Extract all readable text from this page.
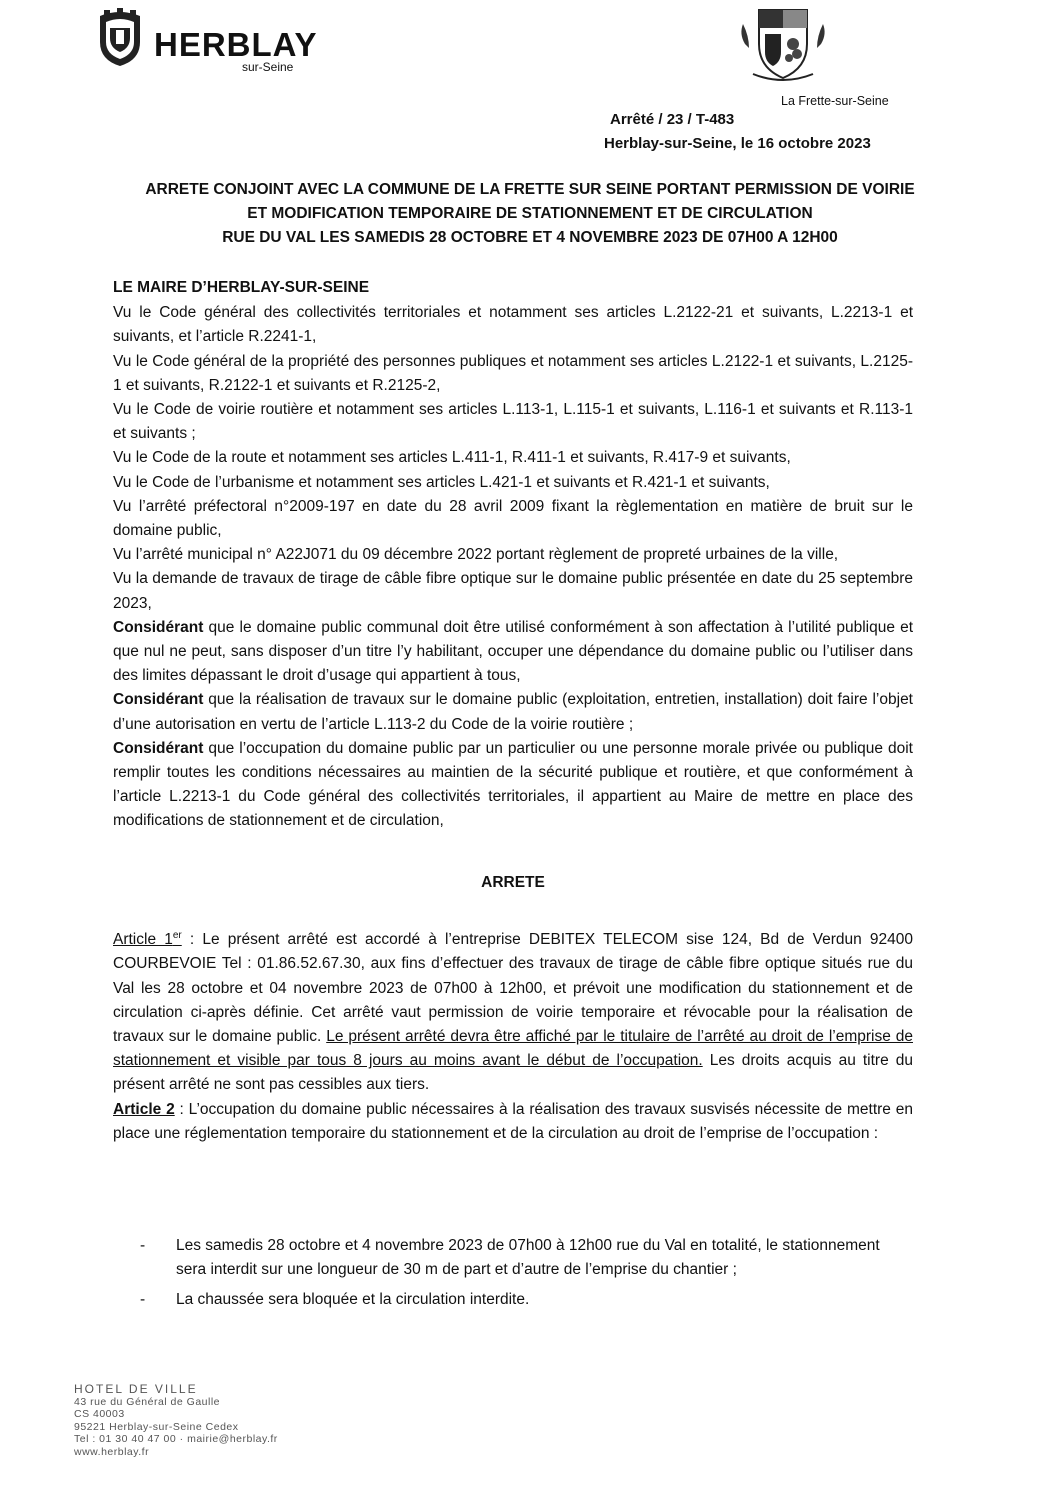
HERBLAY
sur-Seine
La Frette-sur-Seine
Arrêté / 23 / T-483
Herblay-sur-Seine, le 16 octobre 2023
ARRETE CONJOINT AVEC LA COMMUNE DE LA FRETTE SUR SEINE PORTANT PERMISSION DE VOIRIE
ET MODIFICATION TEMPORAIRE DE STATIONNEMENT ET DE CIRCULATION
RUE DU VAL LES SAMEDIS 28 OCTOBRE ET 4 NOVEMBRE 2023 DE 07H00 A 12H00
LE MAIRE D’HERBLAY-SUR-SEINE

Vu le Code général des collectivités territoriales et notamment ses articles L.2122-21 et suivants, L.2213-1 et suivants, et l’article R.2241-1,

Vu le Code général de la propriété des personnes publiques et notamment ses articles L.2122-1 et suivants, L.2125-1 et suivants, R.2122-1 et suivants et R.2125-2,

Vu le Code de voirie routière et notamment ses articles L.113-1, L.115-1 et suivants, L.116-1 et suivants et R.113-1 et suivants ;

Vu le Code de la route et notamment ses articles L.411-1, R.411-1 et suivants, R.417-9 et suivants,

Vu le Code de l’urbanisme et notamment ses articles L.421-1 et suivants et R.421-1 et suivants,

Vu l’arrêté préfectoral n°2009-197 en date du 28 avril 2009 fixant la règlementation en matière de bruit sur le domaine public,

Vu l’arrêté municipal n° A22J071 du 09 décembre 2022 portant règlement de propreté urbaines de la ville,

Vu la demande de travaux de tirage de câble fibre optique sur le domaine public présentée en date du 25 septembre 2023,

Considérant que le domaine public communal doit être utilisé conformément à son affectation à l’utilité publique et que nul ne peut, sans disposer d’un titre l’y habilitant, occuper une dépendance du domaine public ou l’utiliser dans des limites dépassant le droit d’usage qui appartient à tous,

Considérant que la réalisation de travaux sur le domaine public (exploitation, entretien, installation) doit faire l’objet d’une autorisation en vertu de l’article L.113-2 du Code de la voirie routière ;

Considérant que l’occupation du domaine public par un particulier ou une personne morale privée ou publique doit remplir toutes les conditions nécessaires au maintien de la sécurité publique et routière, et que conformément à l’article L.2213-1 du Code général des collectivités territoriales, il appartient au Maire de mettre en place des modifications de stationnement et de circulation,

ARRETE

Article 1er : Le présent arrêté est accordé à l’entreprise DEBITEX TELECOM sise 124, Bd de Verdun 92400 COURBEVOIE Tel : 01.86.52.67.30, aux fins d’effectuer des travaux de tirage de câble fibre optique situés rue du Val les 28 octobre et 04 novembre 2023 de 07h00 à 12h00, et prévoit une modification du stationnement et de circulation ci-après définie. Cet arrêté vaut permission de voirie temporaire et révocable pour la réalisation de travaux sur le domaine public. Le présent arrêté devra être affiché par le titulaire de l’arrêté au droit de l’emprise de stationnement et visible par tous 8 jours au moins avant le début de l’occupation. Les droits acquis au titre du présent arrêté ne sont pas cessibles aux tiers.

Article 2 : L’occupation du domaine public nécessaires à la réalisation des travaux susvisés nécessite de mettre en place une réglementation temporaire du stationnement et de la circulation au droit de l’emprise de l’occupation :

- Les samedis 28 octobre et 4 novembre 2023 de 07h00 à 12h00 rue du Val en totalité, le stationnement sera interdit sur une longueur de 30 m de part et d’autre de l’emprise du chantier ;
- La chaussée sera bloquée et la circulation interdite.
HOTEL DE VILLE
43 rue du Général de Gaulle
CS 40003
95221 Herblay-sur-Seine Cedex
Tel : 01 30 40 47 00 · mairie@herblay.fr
www.herblay.fr
